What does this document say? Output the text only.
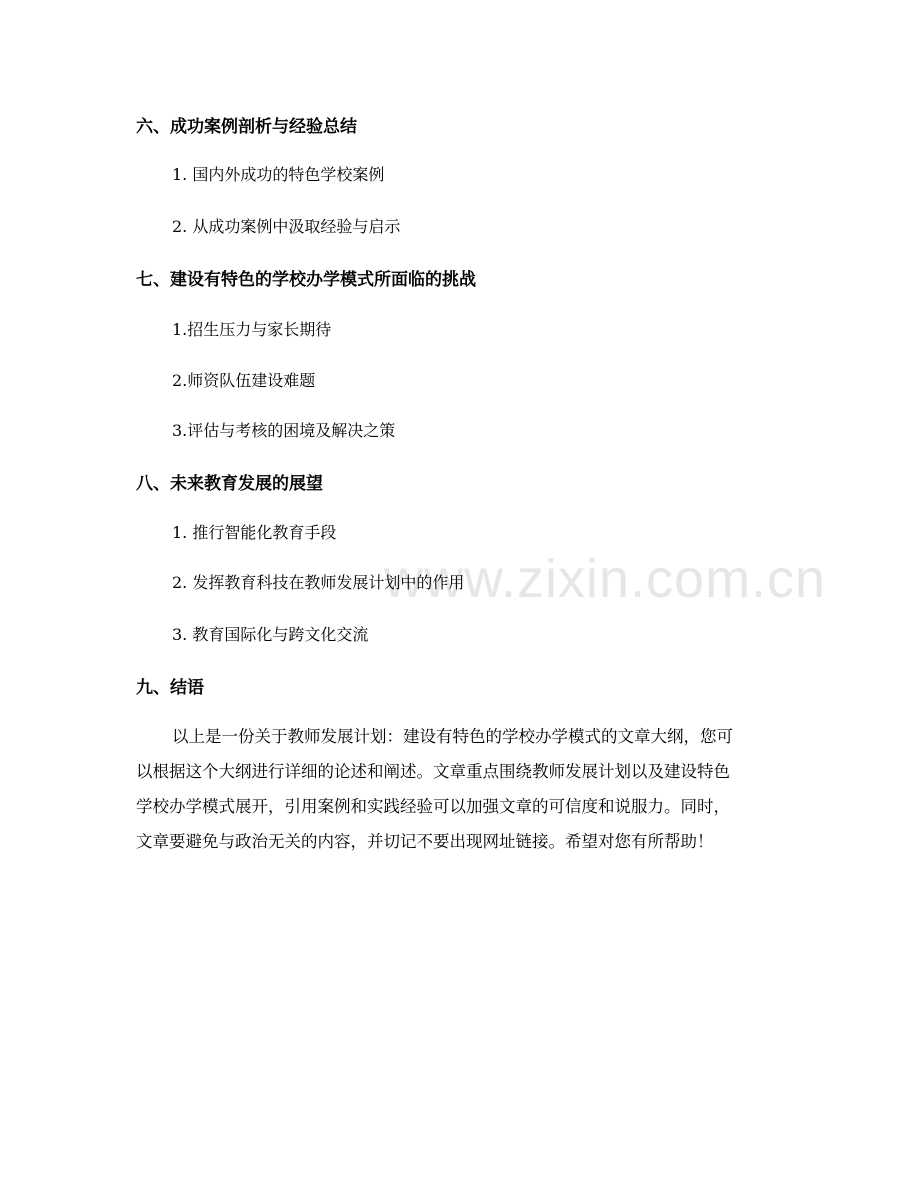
www.zixin.com.cn
六、成功案例剖析与经验总结
1. 国内外成功的特色学校案例
2. 从成功案例中汲取经验与启示
七、建设有特色的学校办学模式所面临的挑战
1.招生压力与家长期待
2.师资队伍建设难题
3.评估与考核的困境及解决之策
八、未来教育发展的展望
1. 推行智能化教育手段
2. 发挥教育科技在教师发展计划中的作用
3. 教育国际化与跨文化交流
九、结语
以上是一份关于教师发展计划：建设有特色的学校办学模式的文章大纲，您可
以根据这个大纲进行详细的论述和阐述。文章重点围绕教师发展计划以及建设特色
学校办学模式展开，引用案例和实践经验可以加强文章的可信度和说服力。同时，
文章要避免与政治无关的内容，并切记不要出现网址链接。希望对您有所帮助！
